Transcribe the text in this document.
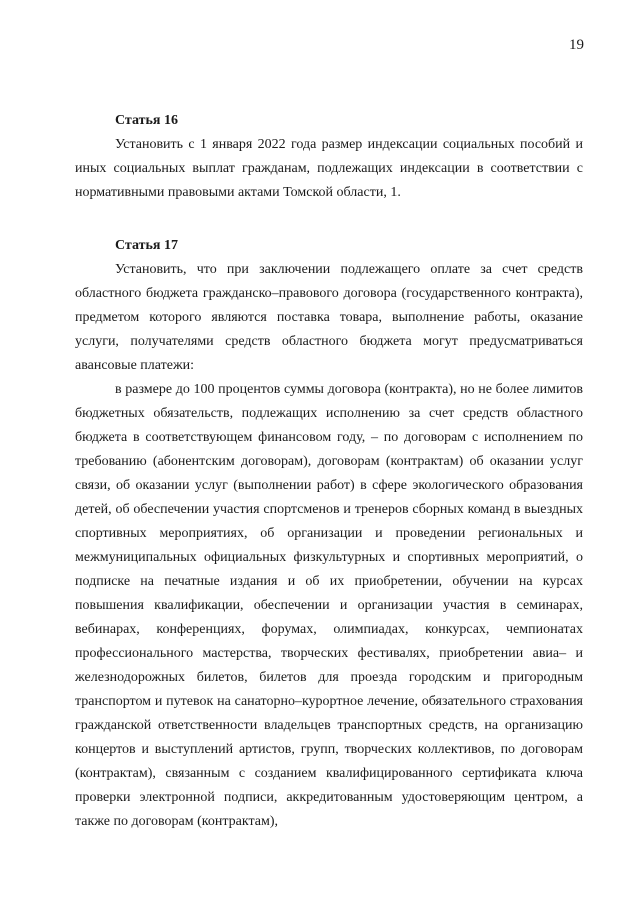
19

Статья 16

Установить с 1 января 2022 года размер индексации социальных пособий и иных социальных выплат гражданам, подлежащих индексации в соответствии с нормативными правовыми актами Томской области, 1.

Статья 17

Установить, что при заключении подлежащего оплате за счет средств областного бюджета гражданско–правового договора (государственного контракта), предметом которого являются поставка товара, выполнение работы, оказание услуги, получателями средств областного бюджета могут предусматриваться авансовые платежи:

в размере до 100 процентов суммы договора (контракта), но не более лимитов бюджетных обязательств, подлежащих исполнению за счет средств областного бюджета в соответствующем финансовом году, – по договорам с исполнением по требованию (абонентским договорам), договорам (контрактам) об оказании услуг связи, об оказании услуг (выполнении работ) в сфере экологического образования детей, об обеспечении участия спортсменов и тренеров сборных команд в выездных спортивных мероприятиях, об организации и проведении региональных и межмуниципальных официальных физкультурных и спортивных мероприятий, о подписке на печатные издания и об их приобретении, обучении на курсах повышения квалификации, обеспечении и организации участия в семинарах, вебинарах, конференциях, форумах, олимпиадах, конкурсах, чемпионатах профессионального мастерства, творческих фестивалях, приобретении авиа– и железнодорожных билетов, билетов для проезда городским и пригородным транспортом и путевок на санаторно–курортное лечение, обязательного страхования гражданской ответственности владельцев транспортных средств, на организацию концертов и выступлений артистов, групп, творческих коллективов, по договорам (контрактам), связанным с созданием квалифицированного сертификата ключа проверки электронной подписи, аккредитованным удостоверяющим центром, а также по договорам (контрактам),
